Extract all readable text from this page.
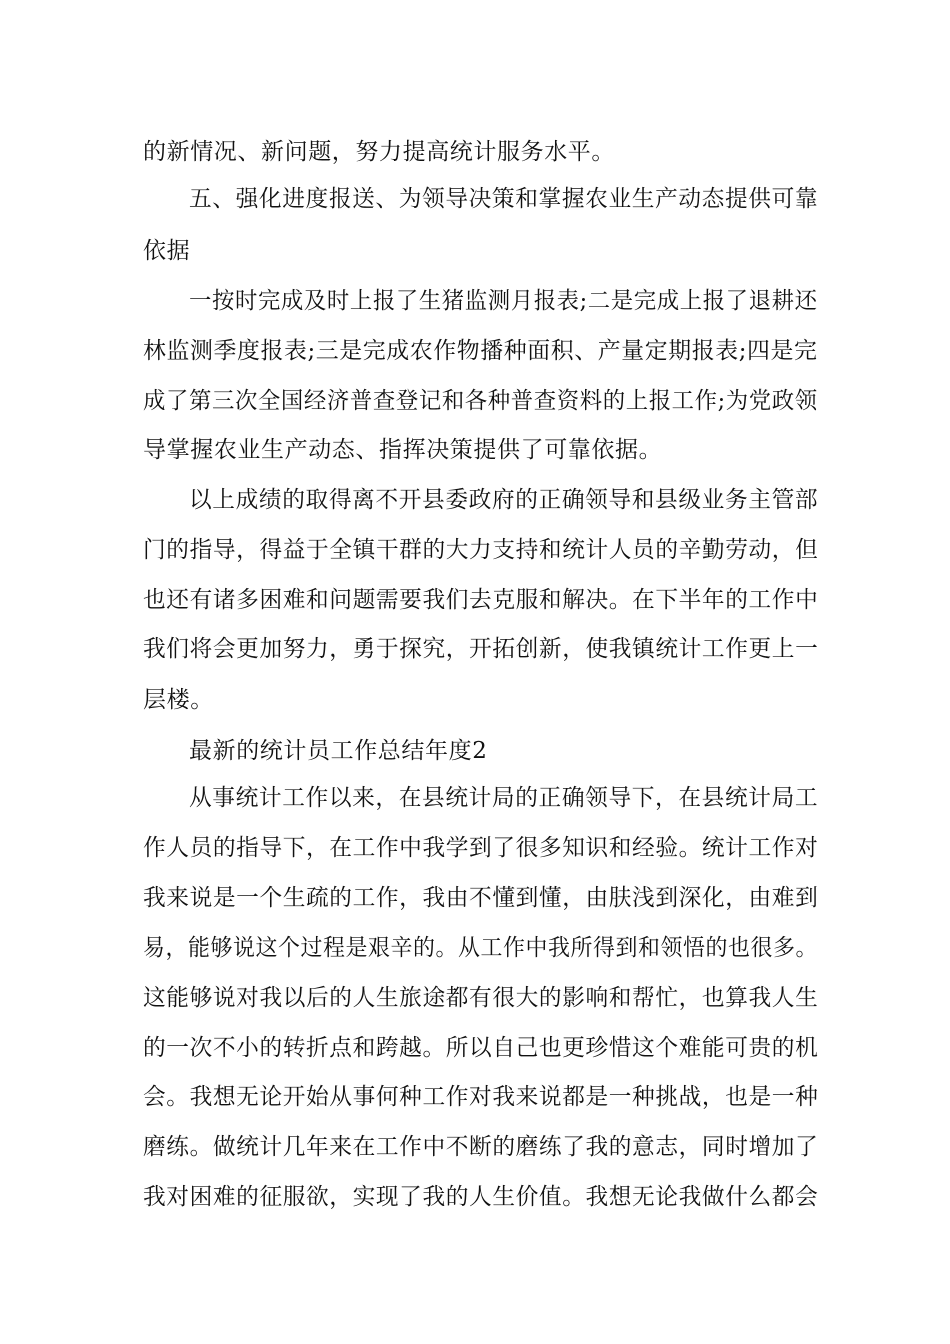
的新情况、新问题，努力提高统计服务水平。
五、强化进度报送、为领导决策和掌握农业生产动态提供可靠
依据
一按时完成及时上报了生猪监测月报表;二是完成上报了退耕还
林监测季度报表;三是完成农作物播种面积、产量定期报表;四是完
成了第三次全国经济普查登记和各种普查资料的上报工作;为党政领
导掌握农业生产动态、指挥决策提供了可靠依据。
以上成绩的取得离不开县委政府的正确领导和县级业务主管部
门的指导，得益于全镇干群的大力支持和统计人员的辛勤劳动，但
也还有诸多困难和问题需要我们去克服和解决。在下半年的工作中
我们将会更加努力，勇于探究，开拓创新，使我镇统计工作更上一
层楼。
最新的统计员工作总结年度2
从事统计工作以来，在县统计局的正确领导下，在县统计局工
作人员的指导下，在工作中我学到了很多知识和经验。统计工作对
我来说是一个生疏的工作，我由不懂到懂，由肤浅到深化，由难到
易，能够说这个过程是艰辛的。从工作中我所得到和领悟的也很多。
这能够说对我以后的人生旅途都有很大的影响和帮忙，也算我人生
的一次不小的转折点和跨越。所以自己也更珍惜这个难能可贵的机
会。我想无论开始从事何种工作对我来说都是一种挑战，也是一种
磨练。做统计几年来在工作中不断的磨练了我的意志，同时增加了
我对困难的征服欲，实现了我的人生价值。我想无论我做什么都会
